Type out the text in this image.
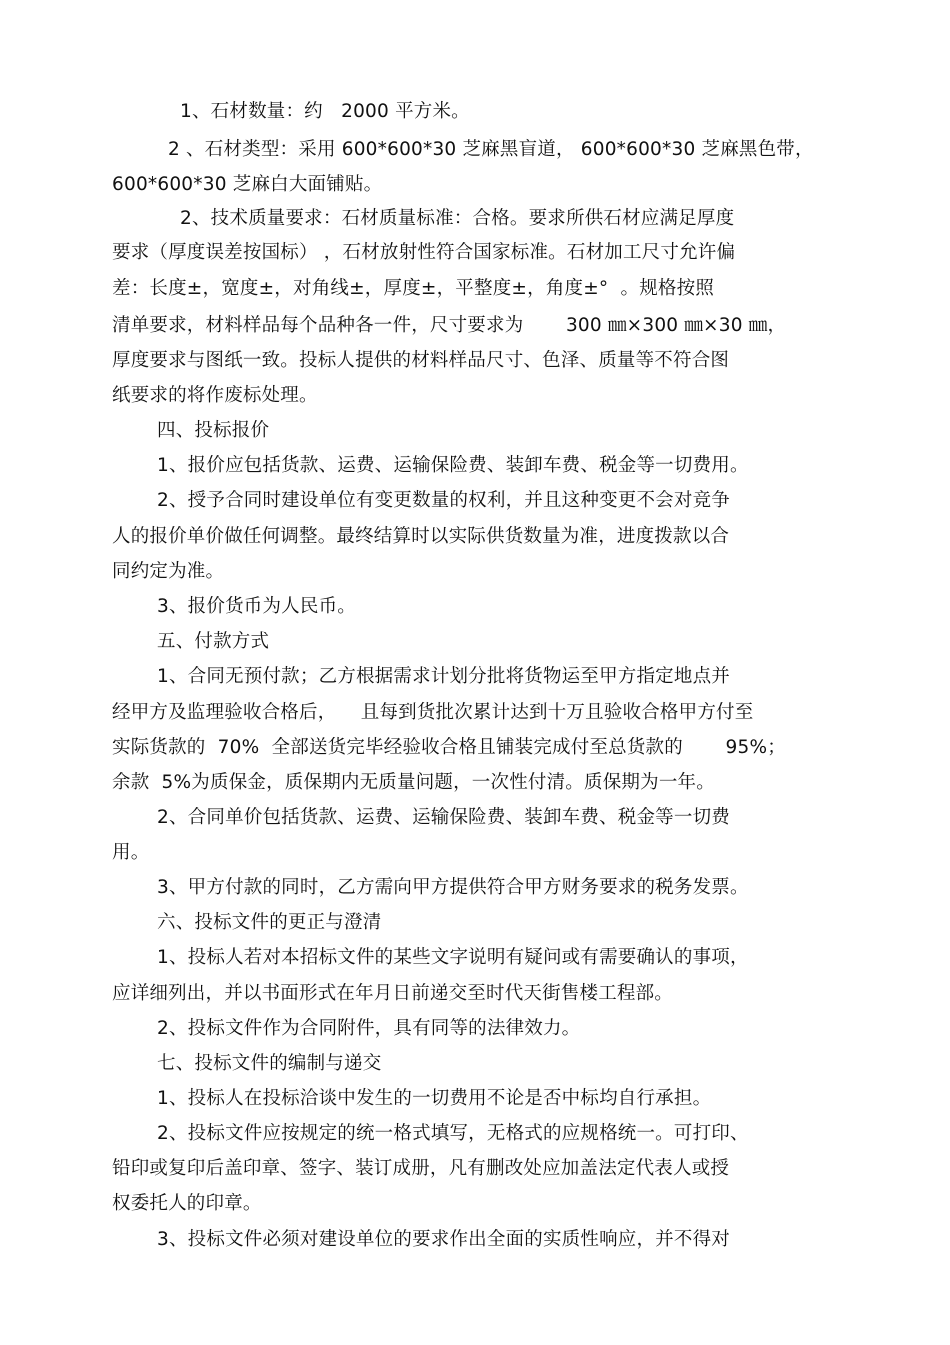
1、石材数量：约   2000 平方米。
2 、石材类型：采用 600*600*30 芝麻黑盲道， 600*600*30 芝麻黑色带，
600*600*30 芝麻白大面铺贴。
2、技术质量要求：石材质量标准：合格。要求所供石材应满足厚度
要求（厚度误差按国标） ，石材放射性符合国家标准。石材加工尺寸允许偏
差：长度±，宽度±，对角线±，厚度±，平整度±，角度±°  。规格按照
清单要求，材料样品每个品种各一件，尺寸要求为       300 ㎜×300 ㎜×30 ㎜，
厚度要求与图纸一致。投标人提供的材料样品尺寸、色泽、质量等不符合图
纸要求的将作废标处理。
四、投标报价
1、报价应包括货款、运费、运输保险费、装卸车费、税金等一切费用。
2、授予合同时建设单位有变更数量的权利，并且这种变更不会对竞争
人的报价单价做任何调整。最终结算时以实际供货数量为准，进度拨款以合
同约定为准。
3、报价货币为人民币。
五、付款方式
1、合同无预付款；乙方根据需求计划分批将货物运至甲方指定地点并
经甲方及监理验收合格后，    且每到货批次累计达到十万且验收合格甲方付至
实际货款的  70%  全部送货完毕经验收合格且铺装完成付至总货款的       95%；
余款  5%为质保金，质保期内无质量问题，一次性付清。质保期为一年。
2、合同单价包括货款、运费、运输保险费、装卸车费、税金等一切费
用。
3、甲方付款的同时，乙方需向甲方提供符合甲方财务要求的税务发票。
六、投标文件的更正与澄清
1、投标人若对本招标文件的某些文字说明有疑问或有需要确认的事项，
应详细列出，并以书面形式在年月日前递交至时代天街售楼工程部。
2、投标文件作为合同附件，具有同等的法律效力。
七、投标文件的编制与递交
1、投标人在投标洽谈中发生的一切费用不论是否中标均自行承担。
2、投标文件应按规定的统一格式填写，无格式的应规格统一。可打印、
铅印或复印后盖印章、签字、装订成册，凡有删改处应加盖法定代表人或授
权委托人的印章。
3、投标文件必须对建设单位的要求作出全面的实质性响应，并不得对
